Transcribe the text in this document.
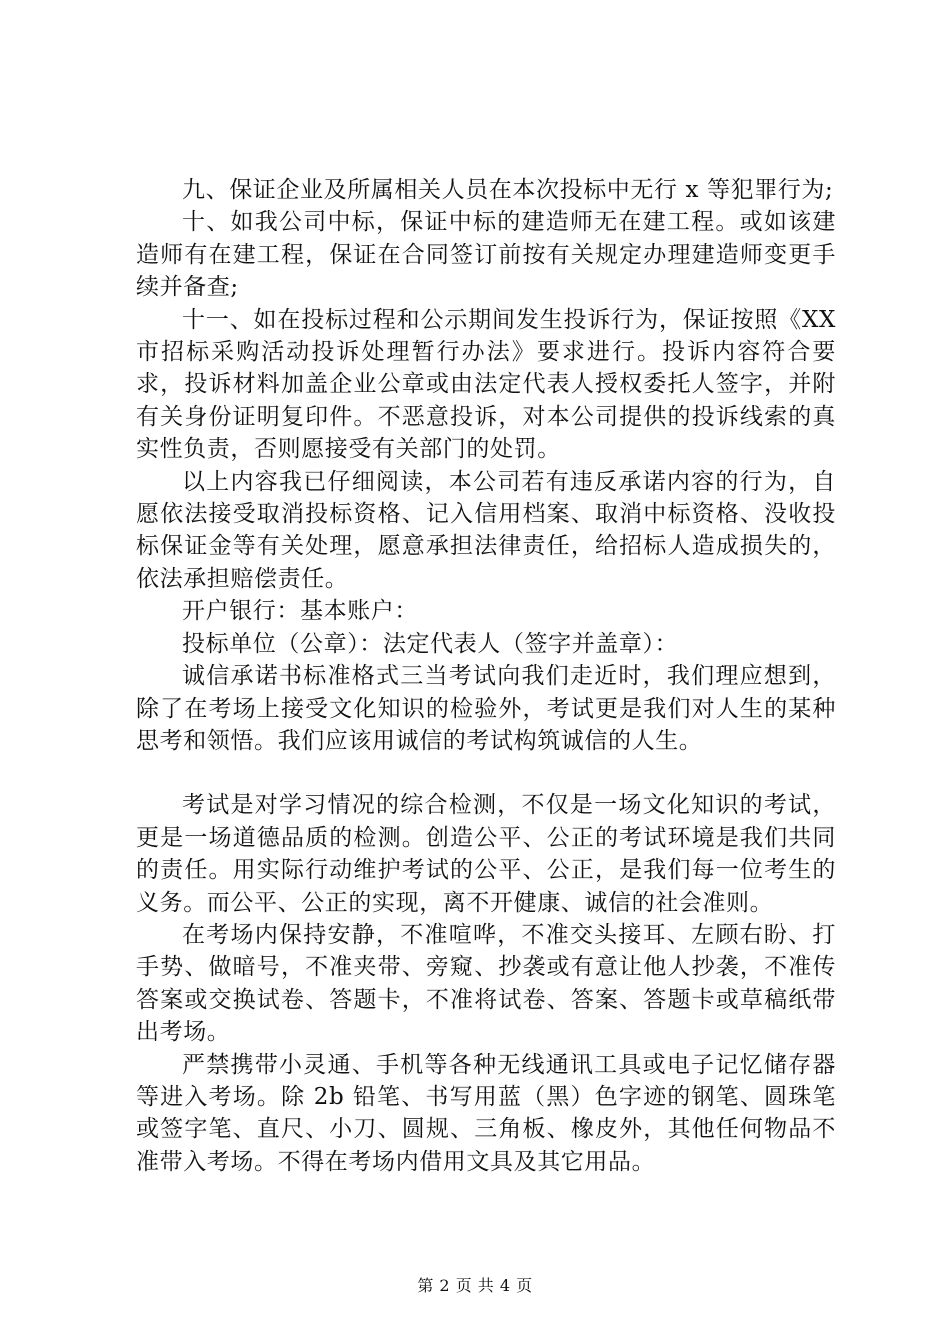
九、保证企业及所属相关人员在本次投标中无行 x 等犯罪行为;

十、如我公司中标，保证中标的建造师无在建工程。或如该建造师有在建工程，保证在合同签订前按有关规定办理建造师变更手续并备查;

十一、如在投标过程和公示期间发生投诉行为，保证按照《XX 市招标采购活动投诉处理暂行办法》要求进行。投诉内容符合要求，投诉材料加盖企业公章或由法定代表人授权委托人签字，并附有关身份证明复印件。不恶意投诉，对本公司提供的投诉线索的真实性负责，否则愿接受有关部门的处罚。

以上内容我已仔细阅读，本公司若有违反承诺内容的行为，自愿依法接受取消投标资格、记入信用档案、取消中标资格、没收投标保证金等有关处理，愿意承担法律责任，给招标人造成损失的，依法承担赔偿责任。

开户银行：基本账户：

投标单位（公章）：法定代表人（签字并盖章）：

诚信承诺书标准格式三当考试向我们走近时，我们理应想到，除了在考场上接受文化知识的检验外，考试更是我们对人生的某种思考和领悟。我们应该用诚信的考试构筑诚信的人生。

考试是对学习情况的综合检测，不仅是一场文化知识的考试，更是一场道德品质的检测。创造公平、公正的考试环境是我们共同的责任。用实际行动维护考试的公平、公正，是我们每一位考生的义务。而公平、公正的实现，离不开健康、诚信的社会准则。

在考场内保持安静，不准喧哗，不准交头接耳、左顾右盼、打手势、做暗号，不准夹带、旁窥、抄袭或有意让他人抄袭，不准传答案或交换试卷、答题卡，不准将试卷、答案、答题卡或草稿纸带出考场。

严禁携带小灵通、手机等各种无线通讯工具或电子记忆储存器等进入考场。除 2b 铅笔、书写用蓝（黑）色字迹的钢笔、圆珠笔或签字笔、直尺、小刀、圆规、三角板、橡皮外，其他任何物品不准带入考场。不得在考场内借用文具及其它用品。

第 2 页 共 4 页
